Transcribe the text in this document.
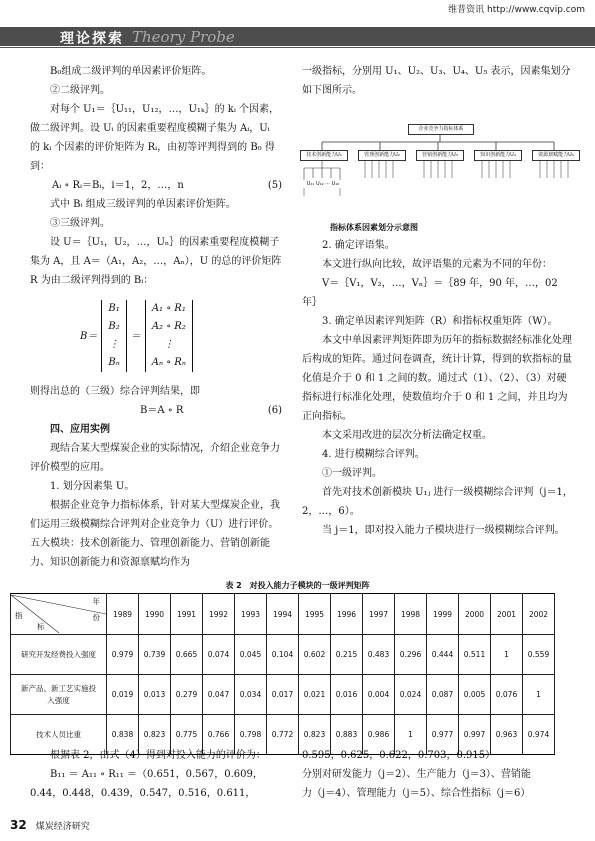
维普资讯 http://www.cqvip.com
理论探索 Theory Probe

B₀组成二级评判的单因素评价矩阵。

②二级评判。

对每个 U₁＝｛U₁₁，U₁₂，…，U₁ₖ｝的 kᵢ 个因素，做二级评判。设 Uᵢ 的因素重要程度模糊子集为 Aᵢ，Uᵢ 的 kᵢ 个因素的评价矩阵为 Rᵢ，由初等评判得到的 B₀ 得到：

Aᵢ ∘ Rᵢ＝Bᵢ，i＝1，2，…，n	(5)

式中 Bᵢ 组成三级评判的单因素评价矩阵。

③三级评判。

设 U＝｛U₁，U₂，…，Uₙ｝的因素重要程度模糊子集为 A，且 A＝（A₁，A₂，…，Aₙ），U 的总的评价矩阵 R 为由二级评判得到的 Bᵢ：

B＝
B₁
B₂
⋮
Bₙ
＝
A₁ ∘ R₁
A₂ ∘ R₂
⋮
Aₙ ∘ Rₙ

则得出总的（三级）综合评判结果，即

B＝A ∘ R	(6)

四、应用实例

现结合某大型煤炭企业的实际情况，介绍企业竞争力评价模型的应用。

1. 划分因素集 U。

根据企业竞争力指标体系，针对某大型煤炭企业，我们运用三级模糊综合评判对企业竞争力（U）进行评价。五大模块：技术创新能力、管理创新能力、营销创新能力、知识创新能力和资源禀赋均作为

一级指标，分别用 U₁、U₂、U₃、U₄、U₅ 表示，因素集划分如下图所示。

企业竞争力指标体系
技术创新能力U₁	管理创新能力U₂	营销创新能力U₃	知识创新能力U₄	资源禀赋能力U₅
U₁₁ U₁₂ ··· U₁₆
指标体系因素划分示意图

2. 确定评语集。

本文进行纵向比较，故评语集的元素为不同的年份：

V＝｛V₁，V₂，…，Vₙ｝＝｛89 年，90 年，…，02 年｝

3. 确定单因素评判矩阵（R）和指标权重矩阵（W）。

本文中单因素评判矩阵即为历年的指标数据经标准化处理后构成的矩阵。通过问卷调查，统计计算，得到的软指标的量化值是介于 0 和 1 之间的数。通过式（1）、（2）、（3）对硬指标进行标准化处理，使数值均介于 0 和 1 之间，并且均为正向指标。

本文采用改进的层次分析法确定权重。

4. 进行模糊综合评判。

①一级评判。

首先对技术创新模块 U₁ⱼ 进行一级模糊综合评判（j＝1，2，…，6）。

当 j＝1，即对投入能力子模块进行一级模糊综合评判。

表 2　对投入能力子模块的一级评判矩阵
年
份
指
标	1989	1990	1991	1992	1993	1994	1995	1996	1997	1998	1999	2000	2001	2002
研究开发经费投入强度	0.979	0.739	0.665	0.074	0.045	0.104	0.602	0.215	0.483	0.296	0.444	0.511	1	0.559
新产品、新工艺实施投入强度	0.019	0.013	0.279	0.047	0.034	0.017	0.021	0.016	0.004	0.024	0.087	0.005	0.076	1
技术人员比重	0.838	0.823	0.775	0.766	0.798	0.772	0.823	0.883	0.986	1	0.977	0.997	0.963	0.974

根据表 2，由式（4）得到对投入能力的评价为：

B₁₁ ＝ A₁₁ ∘ R₁₁ ＝（0.651，0.567，0.609，

0.44，0.448，0.439，0.547，0.516，0.611，

0.595，0.625，0.622，0.703，0.915）

分别对研发能力（j＝2）、生产能力（j＝3）、营销能

力（j＝4）、管理能力（j＝5）、综合性指标（j＝6）

32 煤炭经济研究
